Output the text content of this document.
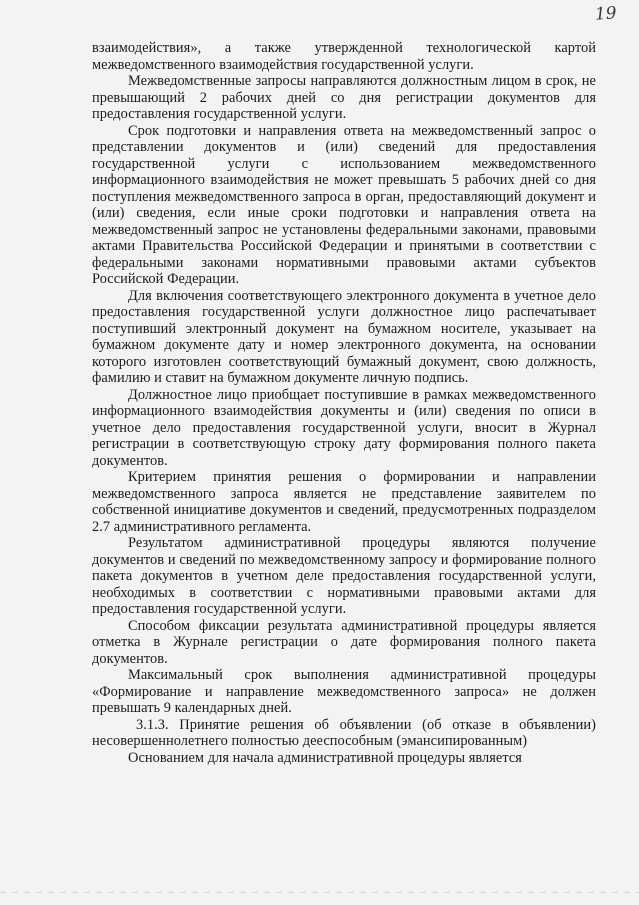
19

взаимодействия», а также утвержденной технологической картой межведомственного взаимодействия государственной услуги.

Межведомственные запросы направляются должностным лицом в срок, не превышающий 2 рабочих дней со дня регистрации документов для предоставления государственной услуги.

Срок подготовки и направления ответа на межведомственный запрос о представлении документов и (или) сведений для предоставления государственной услуги с использованием межведомственного информационного взаимодействия не может превышать 5 рабочих дней со дня поступления межведомственного запроса в орган, предоставляющий документ и (или) сведения, если иные сроки подготовки и направления ответа на межведомственный запрос не установлены федеральными законами, правовыми актами Правительства Российской Федерации и принятыми в соответствии с федеральными законами нормативными правовыми актами субъектов Российской Федерации.

Для включения соответствующего электронного документа в учетное дело предоставления государственной услуги должностное лицо распечатывает поступивший электронный документ на бумажном носителе, указывает на бумажном документе дату и номер электронного документа, на основании которого изготовлен соответствующий бумажный документ, свою должность, фамилию и ставит на бумажном документе личную подпись.

Должностное лицо приобщает поступившие в рамках межведомственного информационного взаимодействия документы и (или) сведения по описи в учетное дело предоставления государственной услуги, вносит в Журнал регистрации в соответствующую строку дату формирования полного пакета документов.

Критерием принятия решения о формировании и направлении межведомственного запроса является не представление заявителем по собственной инициативе документов и сведений, предусмотренных подразделом 2.7 административного регламента.

Результатом административной процедуры являются получение документов и сведений по межведомственному запросу и формирование полного пакета документов в учетном деле предоставления государственной услуги, необходимых в соответствии с нормативными правовыми актами для предоставления государственной услуги.

Способом фиксации результата административной процедуры является отметка в Журнале регистрации о дате формирования полного пакета документов.

Максимальный срок выполнения административной процедуры «Формирование и направление межведомственного запроса» не должен превышать 9 календарных дней.

3.1.3. Принятие решения об объявлении (об отказе в объявлении) несовершеннолетнего полностью дееспособным (эмансипированным)

Основанием для начала административной процедуры является
